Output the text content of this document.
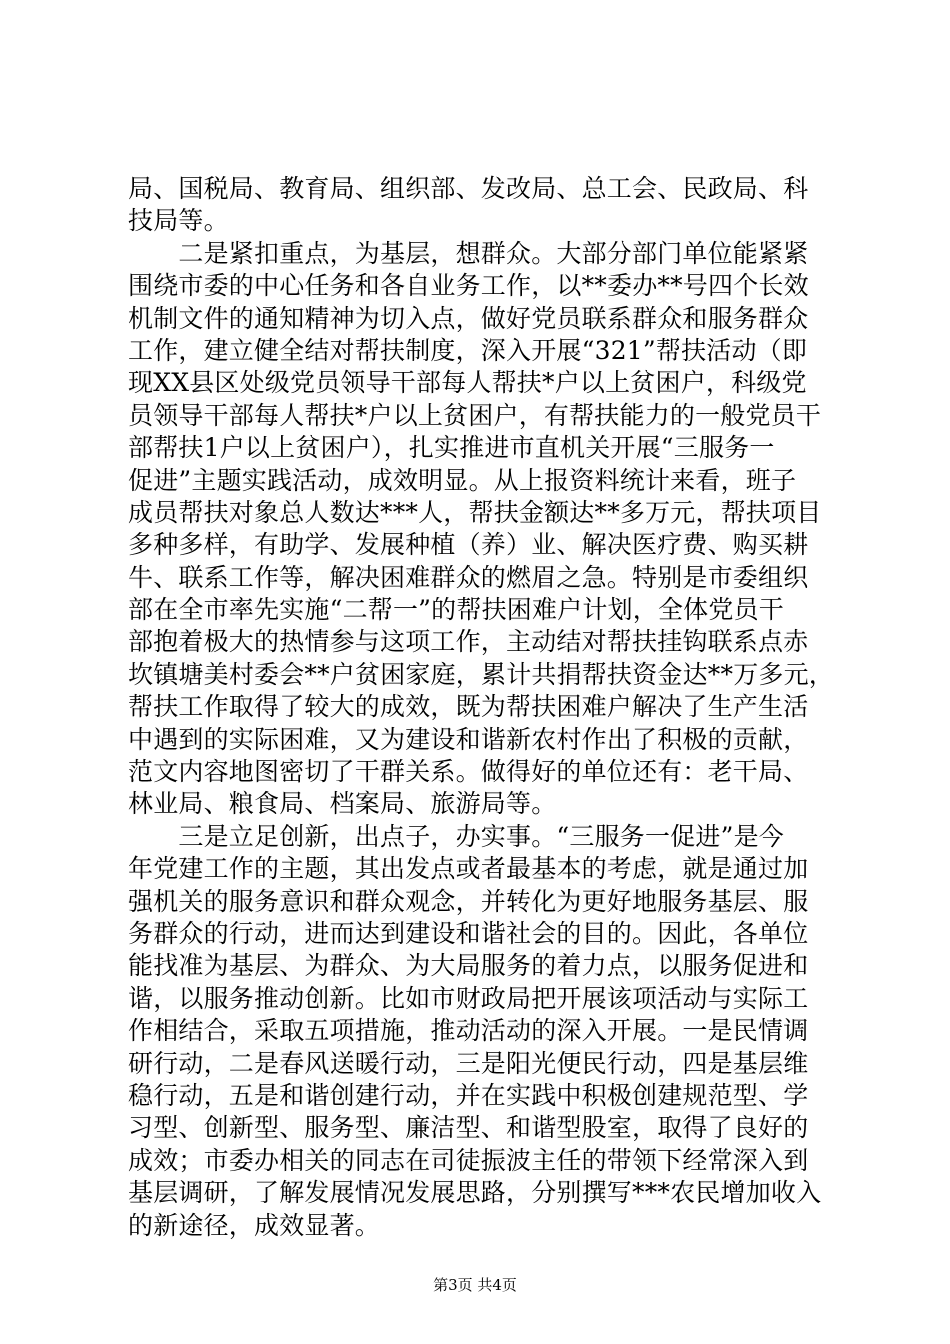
局、国税局、教育局、组织部、发改局、总工会、民政局、科
技局等。
　　二是紧扣重点，为基层，想群众。大部分部门单位能紧紧
围绕市委的中心任务和各自业务工作，以**委办**号四个长效
机制文件的通知精神为切入点，做好党员联系群众和服务群众
工作，建立健全结对帮扶制度，深入开展“321”帮扶活动（即
现XX县区处级党员领导干部每人帮扶*户以上贫困户，科级党
员领导干部每人帮扶*户以上贫困户，有帮扶能力的一般党员干
部帮扶1户以上贫困户），扎实推进市直机关开展“三服务一
促进”主题实践活动，成效明显。从上报资料统计来看，班子
成员帮扶对象总人数达***人，帮扶金额达**多万元，帮扶项目
多种多样，有助学、发展种植（养）业、解决医疗费、购买耕
牛、联系工作等，解决困难群众的燃眉之急。特别是市委组织
部在全市率先实施“二帮一”的帮扶困难户计划，全体党员干
部抱着极大的热情参与这项工作，主动结对帮扶挂钩联系点赤
坎镇塘美村委会**户贫困家庭，累计共捐帮扶资金达**万多元，
帮扶工作取得了较大的成效，既为帮扶困难户解决了生产生活
中遇到的实际困难，又为建设和谐新农村作出了积极的贡献，
范文内容地图密切了干群关系。做得好的单位还有：老干局、
林业局、粮食局、档案局、旅游局等。
　　三是立足创新，出点子，办实事。“三服务一促进”是今
年党建工作的主题，其出发点或者最基本的考虑，就是通过加
强机关的服务意识和群众观念，并转化为更好地服务基层、服
务群众的行动，进而达到建设和谐社会的目的。因此，各单位
能找准为基层、为群众、为大局服务的着力点，以服务促进和
谐，以服务推动创新。比如市财政局把开展该项活动与实际工
作相结合，采取五项措施，推动活动的深入开展。一是民情调
研行动，二是春风送暖行动，三是阳光便民行动，四是基层维
稳行动，五是和谐创建行动，并在实践中积极创建规范型、学
习型、创新型、服务型、廉洁型、和谐型股室，取得了良好的
成效；市委办相关的同志在司徒振波主任的带领下经常深入到
基层调研，了解发展情况发展思路，分别撰写***农民增加收入
的新途径，成效显著。
第3页 共4页
